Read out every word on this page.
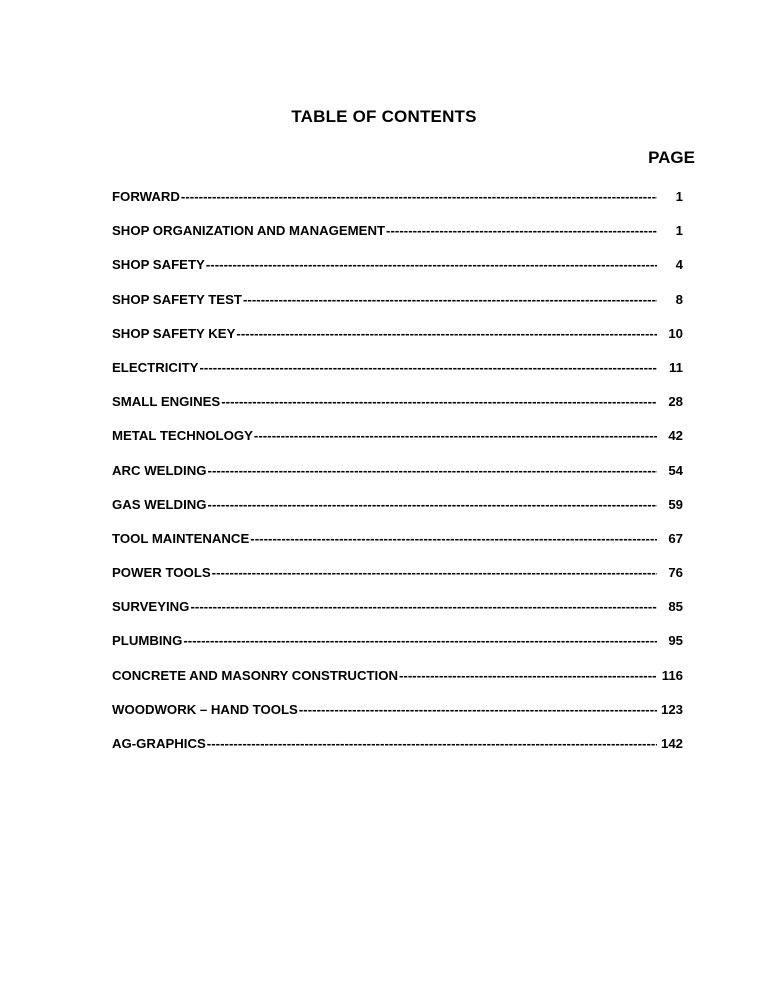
TABLE OF CONTENTS
PAGE
FORWARD -----	1
SHOP ORGANIZATION AND MANAGEMENT -----	1
SHOP SAFETY -----	4
SHOP SAFETY TEST -----	8
SHOP SAFETY KEY -----	10
ELECTRICITY -----	11
SMALL ENGINES -----	28
METAL TECHNOLOGY -----	42
ARC WELDING -----	54
GAS WELDING -----	59
TOOL MAINTENANCE -----	67
POWER TOOLS -----	76
SURVEYING -----	85
PLUMBING -----	95
CONCRETE AND MASONRY CONSTRUCTION -----	116
WOODWORK – HAND TOOLS -----	123
AG-GRAPHICS -----	142
